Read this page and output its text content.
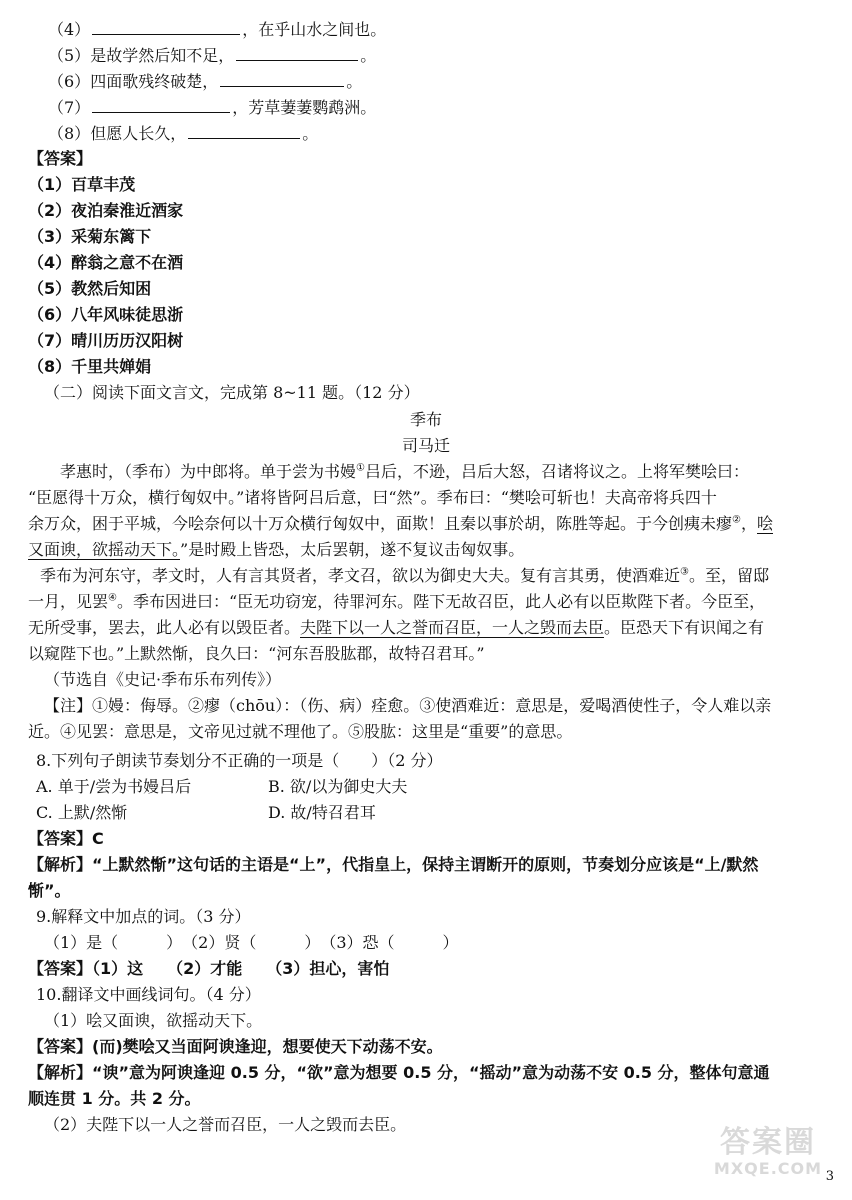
（4）	，在乎山水之间也。
（5）是故学然后知不足，	。
（6）四面歌残终破楚，	。
（7）	，芳草萋萋鹦鹉洲。
（8）但愿人长久，	。
【答案】
（1）百草丰茂
（2）夜泊秦淮近酒家
（3）采菊东篱下
（4）醉翁之意不在酒
（5）教然后知困
（6）八年风味徒思浙
（7）晴川历历汉阳树
（8）千里共婵娟
（二）阅读下面文言文，完成第 8~11 题。（12 分）
季布
司马迁
孝惠时，（季布）为中郎将。单于尝为书嫚①吕后，不逊，吕后大怒，召诸将议之。上将军樊哙曰：
“臣愿得十万众，横行匈奴中。”诸将皆阿吕后意，曰“然”。季布曰：“樊哙可斩也！夫高帝将兵四十
余万众，困于平城，今哙奈何以十万众横行匈奴中，面欺！且秦以事於胡，陈胜等起。于今创痍未瘳②，哙
又面谀，欲摇动天下。”是时殿上皆恐，太后罢朝，遂不复议击匈奴事。
季布为河东守，孝文时，人有言其贤者，孝文召，欲以为御史大夫。复有言其勇，使酒难近③。至，留邸
一月，见罢④。季布因进曰：“臣无功窃宠，待罪河东。陛下无故召臣，此人必有以臣欺陛下者。今臣至，
无所受事，罢去，此人必有以毁臣者。夫陛下以一人之誉而召臣，一人之毁而去臣。臣恐天下有识闻之有
以窥陛下也。”上默然惭，良久曰：“河东吾股肱郡，故特召君耳。”
（节选自《史记·季布乐布列传》）
【注】①嫚：侮辱。②瘳（chōu）：（伤、病）痊愈。③使酒难近：意思是，爱喝酒使性子，令人难以亲
近。④见罢：意思是，文帝见过就不理他了。⑤股肱：这里是“重要”的意思。
8.下列句子朗读节奏划分不正确的一项是（　　）（2 分）
A. 单于/尝为书嫚吕后	B. 欲/以为御史大夫
C. 上默/然惭	D. 故/特召君耳
【答案】C
【解析】“上默然惭”这句话的主语是“上”，代指皇上，保持主谓断开的原则，节奏划分应该是“上/默然
惭”。
9.解释文中加点的词。（3 分）
（1）是（　　　）　（2）贤（　　　）　（3）恐（　　　）
【答案】（1）这　　（2）才能　　（3）担心，害怕
10.翻译文中画线词句。（4 分）
（1）哙又面谀，欲摇动天下。
【答案】(而)樊哙又当面阿谀逢迎，想要使天下动荡不安。
【解析】“谀”意为阿谀逢迎 0.5 分，“欲”意为想要 0.5 分，“摇动”意为动荡不安 0.5 分，整体句意通
顺连贯 1 分。共 2 分。
（2）夫陛下以一人之誉而召臣，一人之毁而去臣。
答案圈
MXQE.COM 3
